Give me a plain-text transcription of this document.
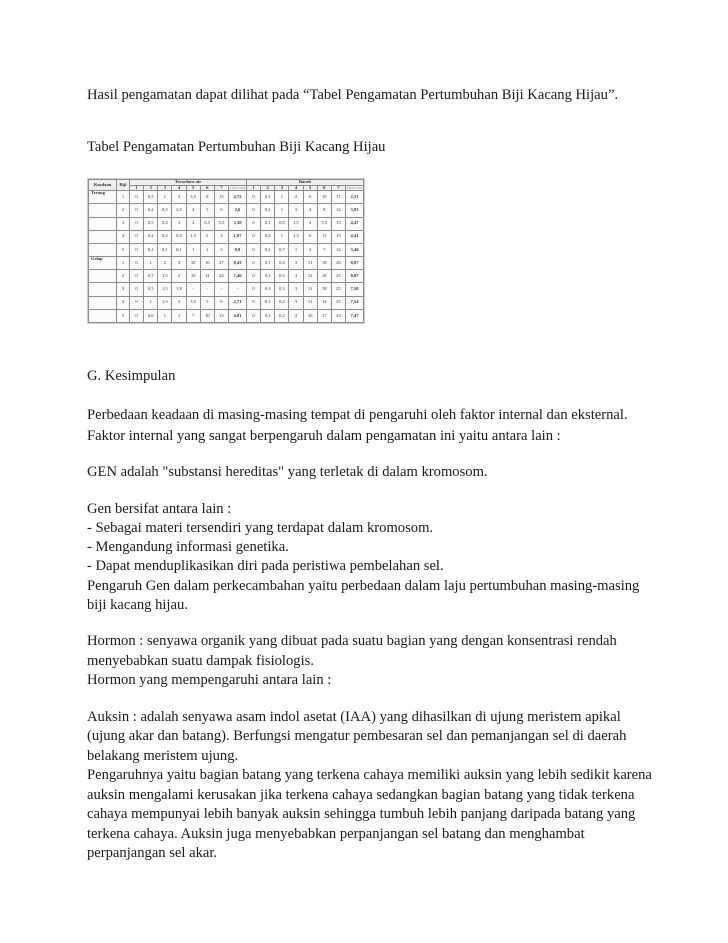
Hasil pengamatan dapat dilihat pada “Tabel Pengamatan Pertumbuhan Biji Kacang Hijau”.
Tabel Pengamatan Pertumbuhan Biji Kacang Hijau
Keadaan	Biji	Tersedara air								Barah							
		1	2	3	4	5	6	7	rata-rata	1	2	3	4	5	6	7	rata-rata
Terang	1	0	0,5	1	3	3,5	8	15	4,72	0	0,1	1	2	6	10	17	2,21
	2	0	0,2	0,5	2,5	4	5	6	2,6	0	0,1	1	3	4	8	12	3,93
	3	0	0,5	0,4	3	4	6,5	9,5	3,38	0	0,1	0,8	1,5	4	9,5	15	4,47
	4	0	0,2	0,3	0,5	1,5	2	3	1,07	0	0,4	1	1,5	6	11	15	4,41
	5	0	0,1	0,1	0,1	1	2	3	0,9	0	0,1	0,7	1	3	7	12	3,46
Gelap	1	0	1	2	3	10	16	27	8,43	0	0,1	0,4	3	11	18	26	8,07
	2	0	0,7	1,5	2	10	14	24	7,46	0	0,1	0,5	3	12	18	25	8,07
	3	0	0,5	1,5	1,8	-	-	-	-	0	0,1	0,3	3	11	18	25	7,50
	4	0	1	1,5	2	3,5	5	6	2,71	0	0,1	0,2	3	11	14	25	7,54
	5	0	0,6	1	1	7	10	15	4,91	0	0,1	0,2	2	10	17	23	7,47
G. Kesimpulan
Perbedaan keadaan di masing-masing tempat di pengaruhi oleh faktor internal dan eksternal.
Faktor internal yang sangat berpengaruh dalam pengamatan ini yaitu antara lain :
GEN adalah "substansi hereditas" yang terletak di dalam kromosom.
Gen bersifat antara lain :
- Sebagai materi tersendiri yang terdapat dalam kromosom.
- Mengandung informasi genetika.
- Dapat menduplikasikan diri pada peristiwa pembelahan sel.
Pengaruh Gen dalam perkecambahan yaitu perbedaan dalam laju pertumbuhan masing-masing
biji kacang hijau.
Hormon : senyawa organik yang dibuat pada suatu bagian yang dengan konsentrasi rendah
menyebabkan suatu dampak fisiologis.
Hormon yang mempengaruhi antara lain :
Auksin : adalah senyawa asam indol asetat (IAA) yang dihasilkan di ujung meristem apikal
(ujung akar dan batang). Berfungsi mengatur pembesaran sel dan pemanjangan sel di daerah
belakang meristem ujung.
Pengaruhnya yaitu bagian batang yang terkena cahaya memiliki auksin yang lebih sedikit karena
auksin mengalami kerusakan jika terkena cahaya sedangkan bagian batang yang tidak terkena
cahaya mempunyai lebih banyak auksin sehingga tumbuh lebih panjang daripada batang yang
terkena cahaya. Auksin juga menyebabkan perpanjangan sel batang dan menghambat
perpanjangan sel akar.
